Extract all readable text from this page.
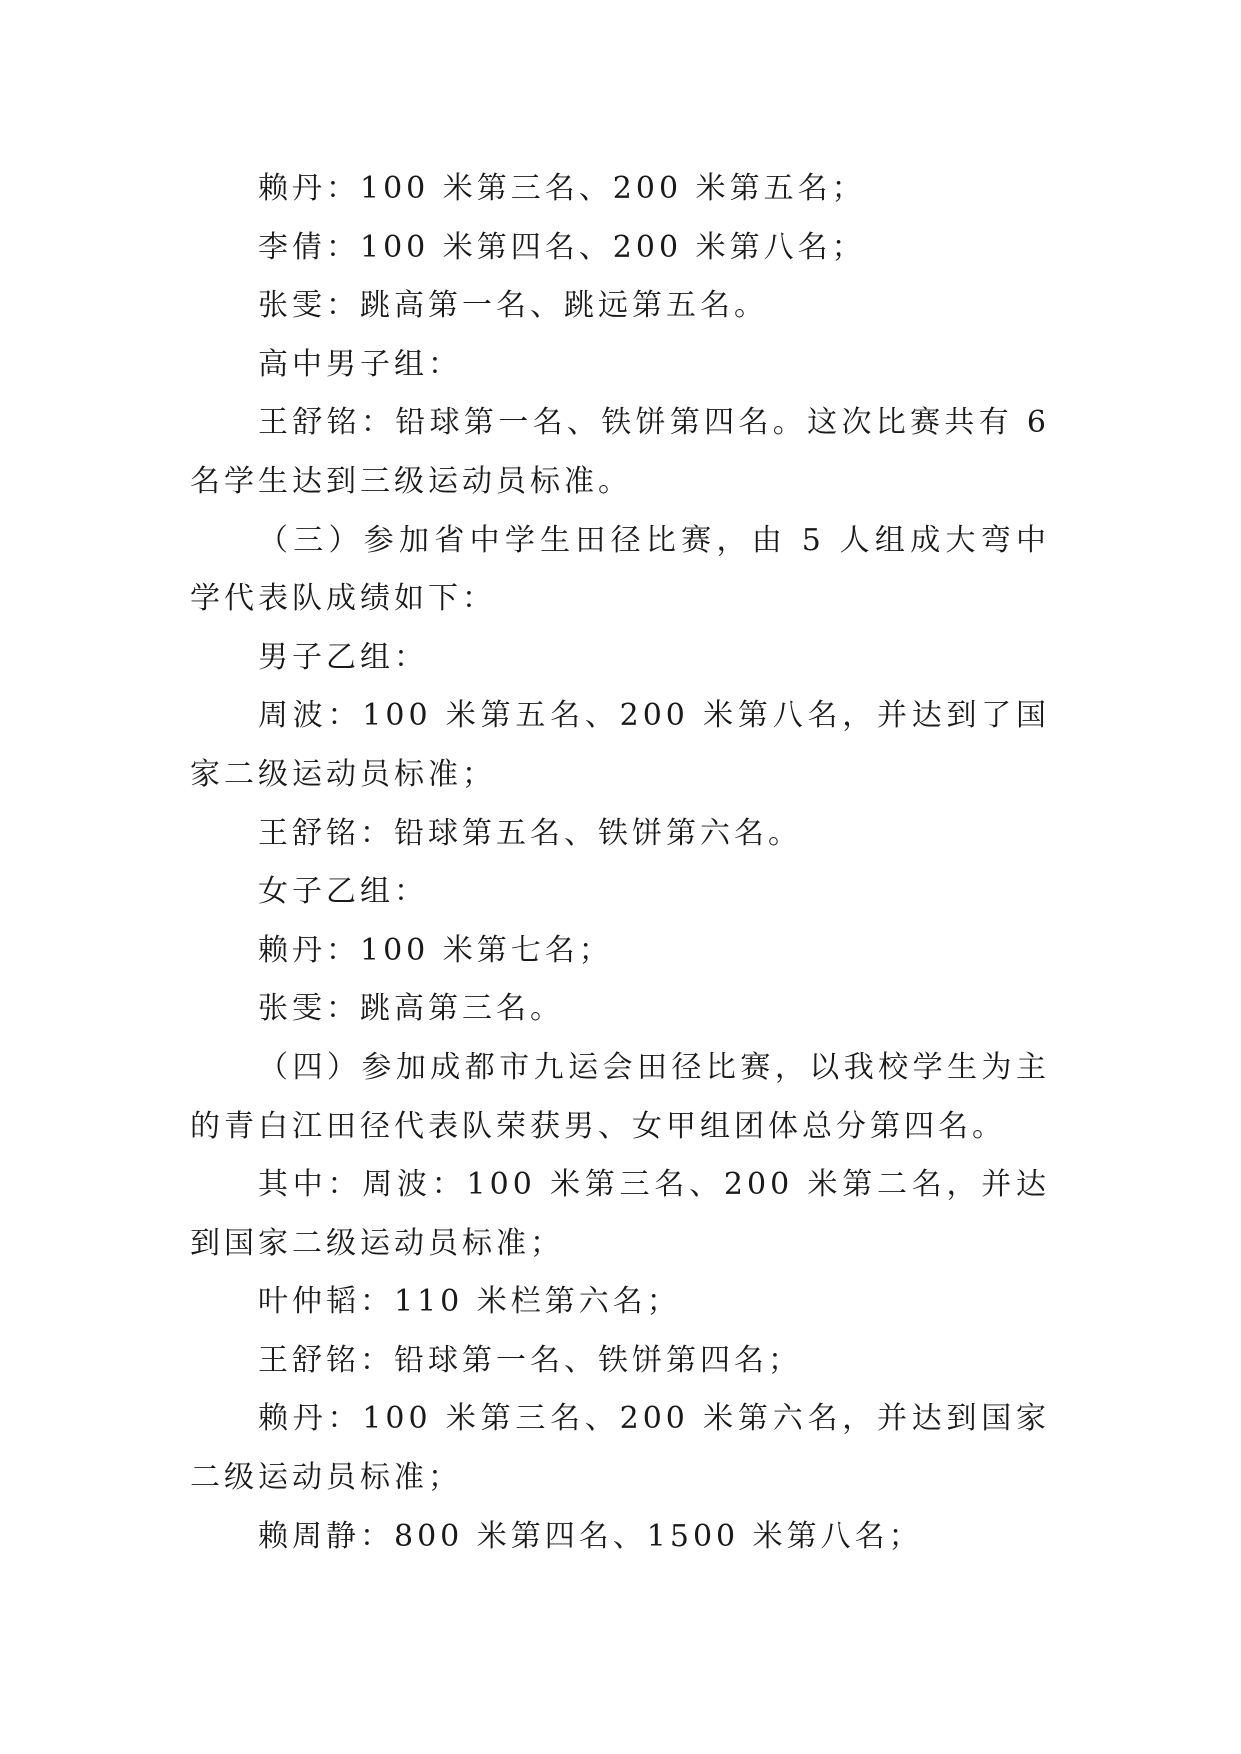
赖丹：100 米第三名、200 米第五名；

李倩：100 米第四名、200 米第八名；

张雯：跳高第一名、跳远第五名。

高中男子组：

王舒铭：铅球第一名、铁饼第四名。这次比赛共有 6 名学生达到三级运动员标准。

（三）参加省中学生田径比赛，由 5 人组成大弯中学代表队成绩如下：

男子乙组：

周波：100 米第五名、200 米第八名，并达到了国家二级运动员标准；

王舒铭：铅球第五名、铁饼第六名。

女子乙组：

赖丹：100 米第七名；

张雯：跳高第三名。

（四）参加成都市九运会田径比赛，以我校学生为主的青白江田径代表队荣获男、女甲组团体总分第四名。

其中：周波：100 米第三名、200 米第二名，并达到国家二级运动员标准；

叶仲韬：110 米栏第六名；

王舒铭：铅球第一名、铁饼第四名；

赖丹：100 米第三名、200 米第六名，并达到国家二级运动员标准；

赖周静：800 米第四名、1500 米第八名；
